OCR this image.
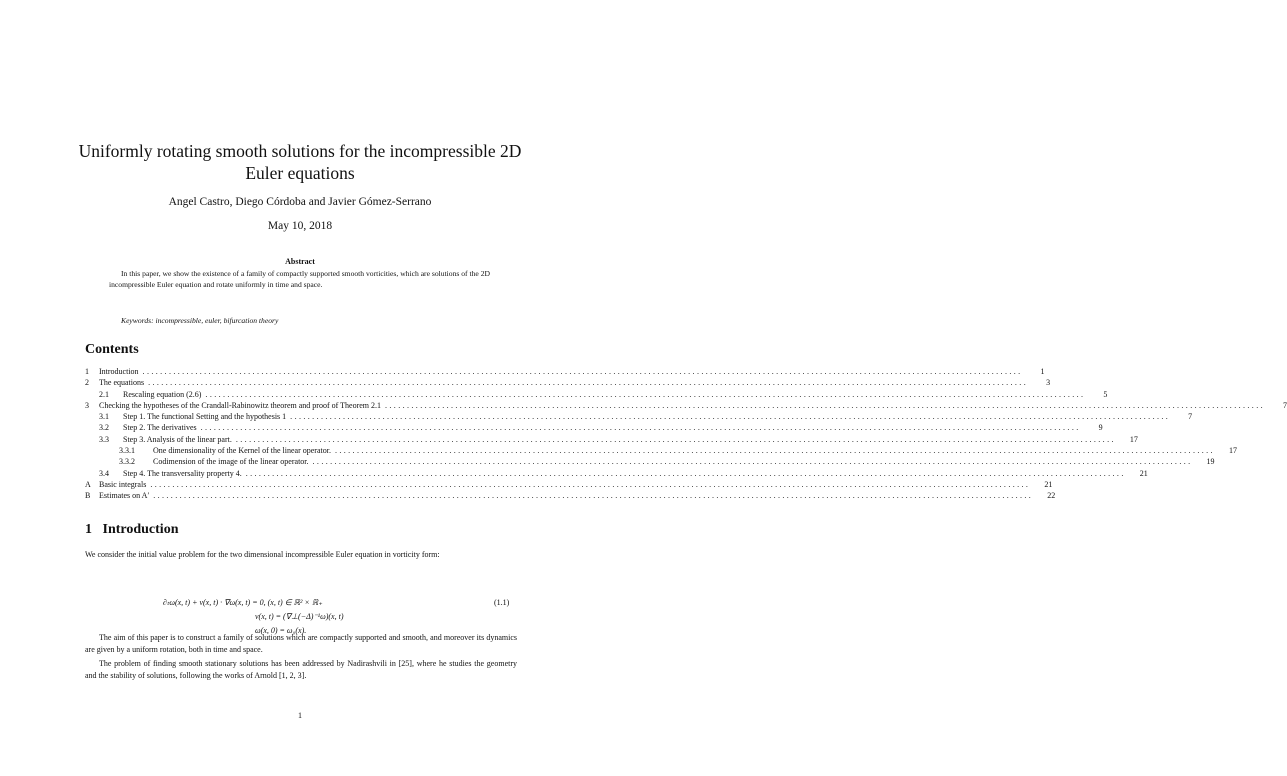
Uniformly rotating smooth solutions for the incompressible 2D Euler equations
Angel Castro, Diego Córdoba and Javier Gómez-Serrano
May 10, 2018
Abstract
In this paper, we show the existence of a family of compactly supported smooth vorticities, which are solutions of the 2D incompressible Euler equation and rotate uniformly in time and space.
Keywords: incompressible, euler, bifurcation theory
Contents
1	Introduction ........................................................................................................................................................................................................	1
2	The equations ........................................................................................................................................................................................................	3
2.1	Rescaling equation (2.6) ........................................................................................................................................................................................................	5
3	Checking the hypotheses of the Crandall-Rabinowitz theorem and proof of Theorem 2.1 ........................................................................................................................................................................................................	7
3.1	Step 1. The functional Setting and the hypothesis 1 ........................................................................................................................................................................................................	7
3.2	Step 2. The derivatives ........................................................................................................................................................................................................	9
3.3	Step 3. Analysis of the linear part. ........................................................................................................................................................................................................	17
3.3.1	One dimensionality of the Kernel of the linear operator. ........................................................................................................................................................................................................	17
3.3.2	Codimension of the image of the linear operator. ........................................................................................................................................................................................................	19
3.4	Step 4. The transversality property 4. ........................................................................................................................................................................................................	21
A	Basic integrals ........................................................................................................................................................................................................	21
B	Estimates on A′ ........................................................................................................................................................................................................	22
1 Introduction
We consider the initial value problem for the two dimensional incompressible Euler equation in vorticity form:
∂ₜω(x, t) + v(x, t) · ∇ω(x, t) = 0, (x, t) ∈ ℝ² × ℝ₊
v(x, t) = (∇⊥(−Δ)⁻¹ω)(x, t)
ω(x, 0) = ω₀(x).
(1.1)
The aim of this paper is to construct a family of solutions which are compactly supported and smooth, and moreover its dynamics are given by a uniform rotation, both in time and space.
The problem of finding smooth stationary solutions has been addressed by Nadirashvili in [25], where he studies the geometry and the stability of solutions, following the works of Arnold [1, 2, 3].
1
